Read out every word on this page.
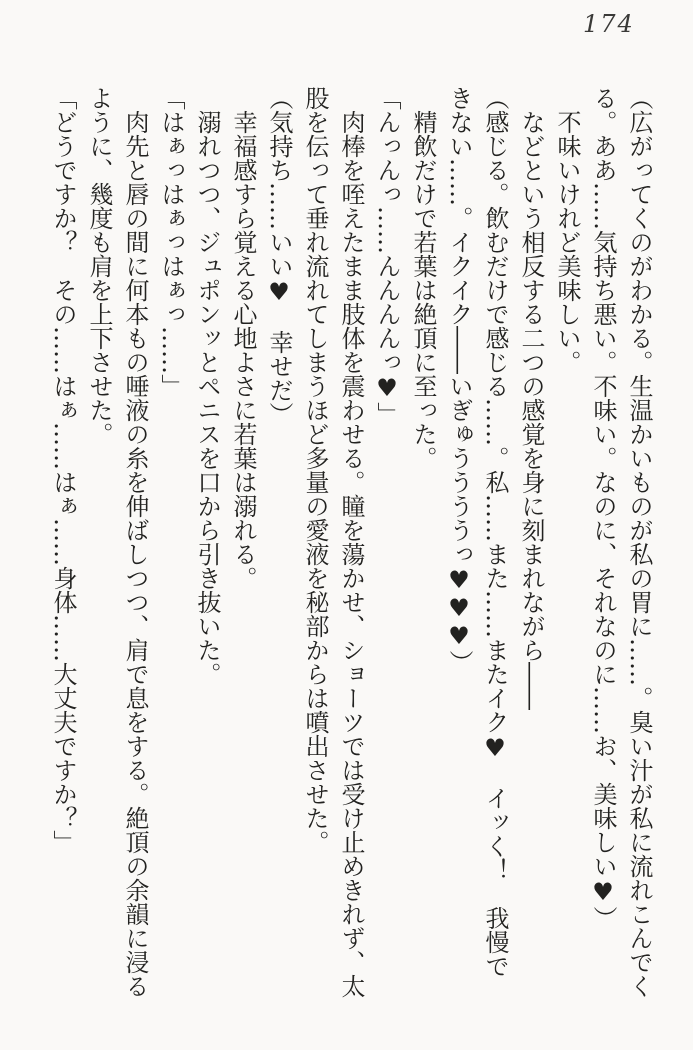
174

（広がってくのがわかる。生温かいものが私の胃に……。臭い汁が私に流れこんでくる。ああ……気持ち悪い。不味い。なのに、それなのに……お、美味しい♥）

不味いけれど美味しい。

などという相反する二つの感覚を身に刻まれながら――

（感じる。飲むだけで感じる……。私……また……またイク♥　イッく！　我慢できない……。イクイク――いぎゅううううっ♥♥♥）

精飲だけで若葉は絶頂に至った。

「んっんっ……んんんんっ♥」

肉棒を咥えたまま肢体を震わせる。瞳を蕩かせ、ショーツでは受け止めきれず、太股を伝って垂れ流れてしまうほど多量の愛液を秘部からは噴出させた。

（気持ち……いい♥　幸せだ）

幸福感すら覚える心地よさに若葉は溺れる。

溺れつつ、ジュポンッとペニスを口から引き抜いた。

「はぁっはぁっはぁっ……」

肉先と唇の間に何本もの唾液の糸を伸ばしつつ、肩で息をする。絶頂の余韻に浸るように、幾度も肩を上下させた。

「どうですか？　その……はぁ……はぁ……身体……大丈夫ですか？」
